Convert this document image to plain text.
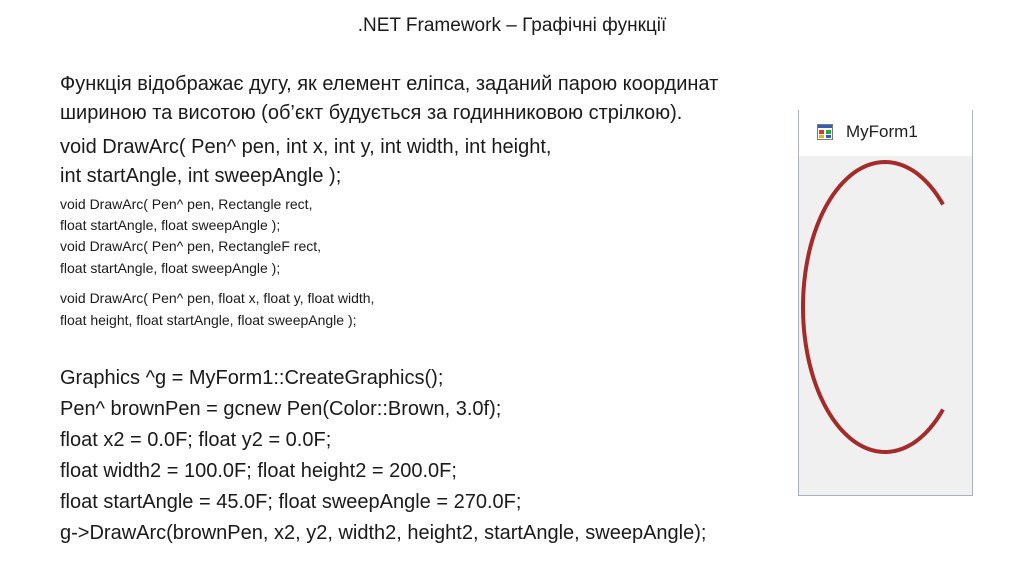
.NET Framework – Графічні функції
Функція відображає дугу, як елемент еліпса, заданий парою координат
шириною та висотою (об’єкт будується за годинниковою стрілкою).
void DrawArc( Pen^ pen, int x, int y, int width, int height,
int startAngle, int sweepAngle );
void DrawArc( Pen^ pen, Rectangle rect,
float startAngle, float sweepAngle );
void DrawArc( Pen^ pen, RectangleF rect,
float startAngle, float sweepAngle );
void DrawArc( Pen^ pen, float x, float y, float width,
float height, float startAngle, float sweepAngle );
Graphics ^g = MyForm1::CreateGraphics();
Pen^ brownPen = gcnew Pen(Color::Brown, 3.0f);
float x2 = 0.0F; float y2 = 0.0F;
float width2 = 100.0F; float height2 = 200.0F;
float startAngle = 45.0F; float sweepAngle = 270.0F;
g->DrawArc(brownPen, x2, y2, width2, height2, startAngle, sweepAngle);
MyForm1
